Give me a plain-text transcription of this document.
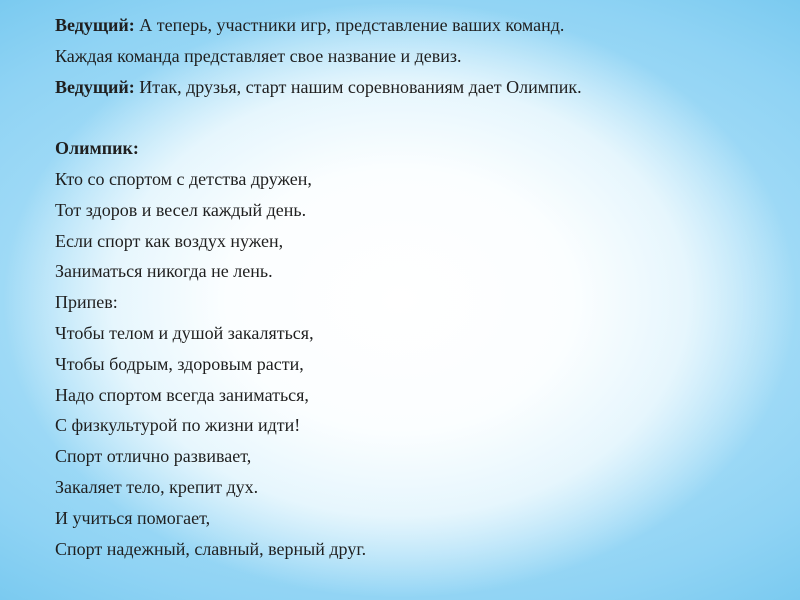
Ведущий: А теперь, участники игр, представление ваших команд.
Каждая команда представляет свое название и девиз.
Ведущий: Итак, друзья, старт нашим соревнованиям дает Олимпик.
Олимпик:
Кто со спортом с детства дружен,
Тот здоров и весел каждый день.
Если спорт как воздух нужен,
Заниматься никогда не лень.
Припев:
Чтобы телом и душой закаляться,
Чтобы бодрым, здоровым расти,
Надо спортом всегда заниматься,
С физкультурой по жизни идти!
Спорт отлично развивает,
Закаляет тело, крепит дух.
И учиться помогает,
Спорт надежный, славный, верный друг.
